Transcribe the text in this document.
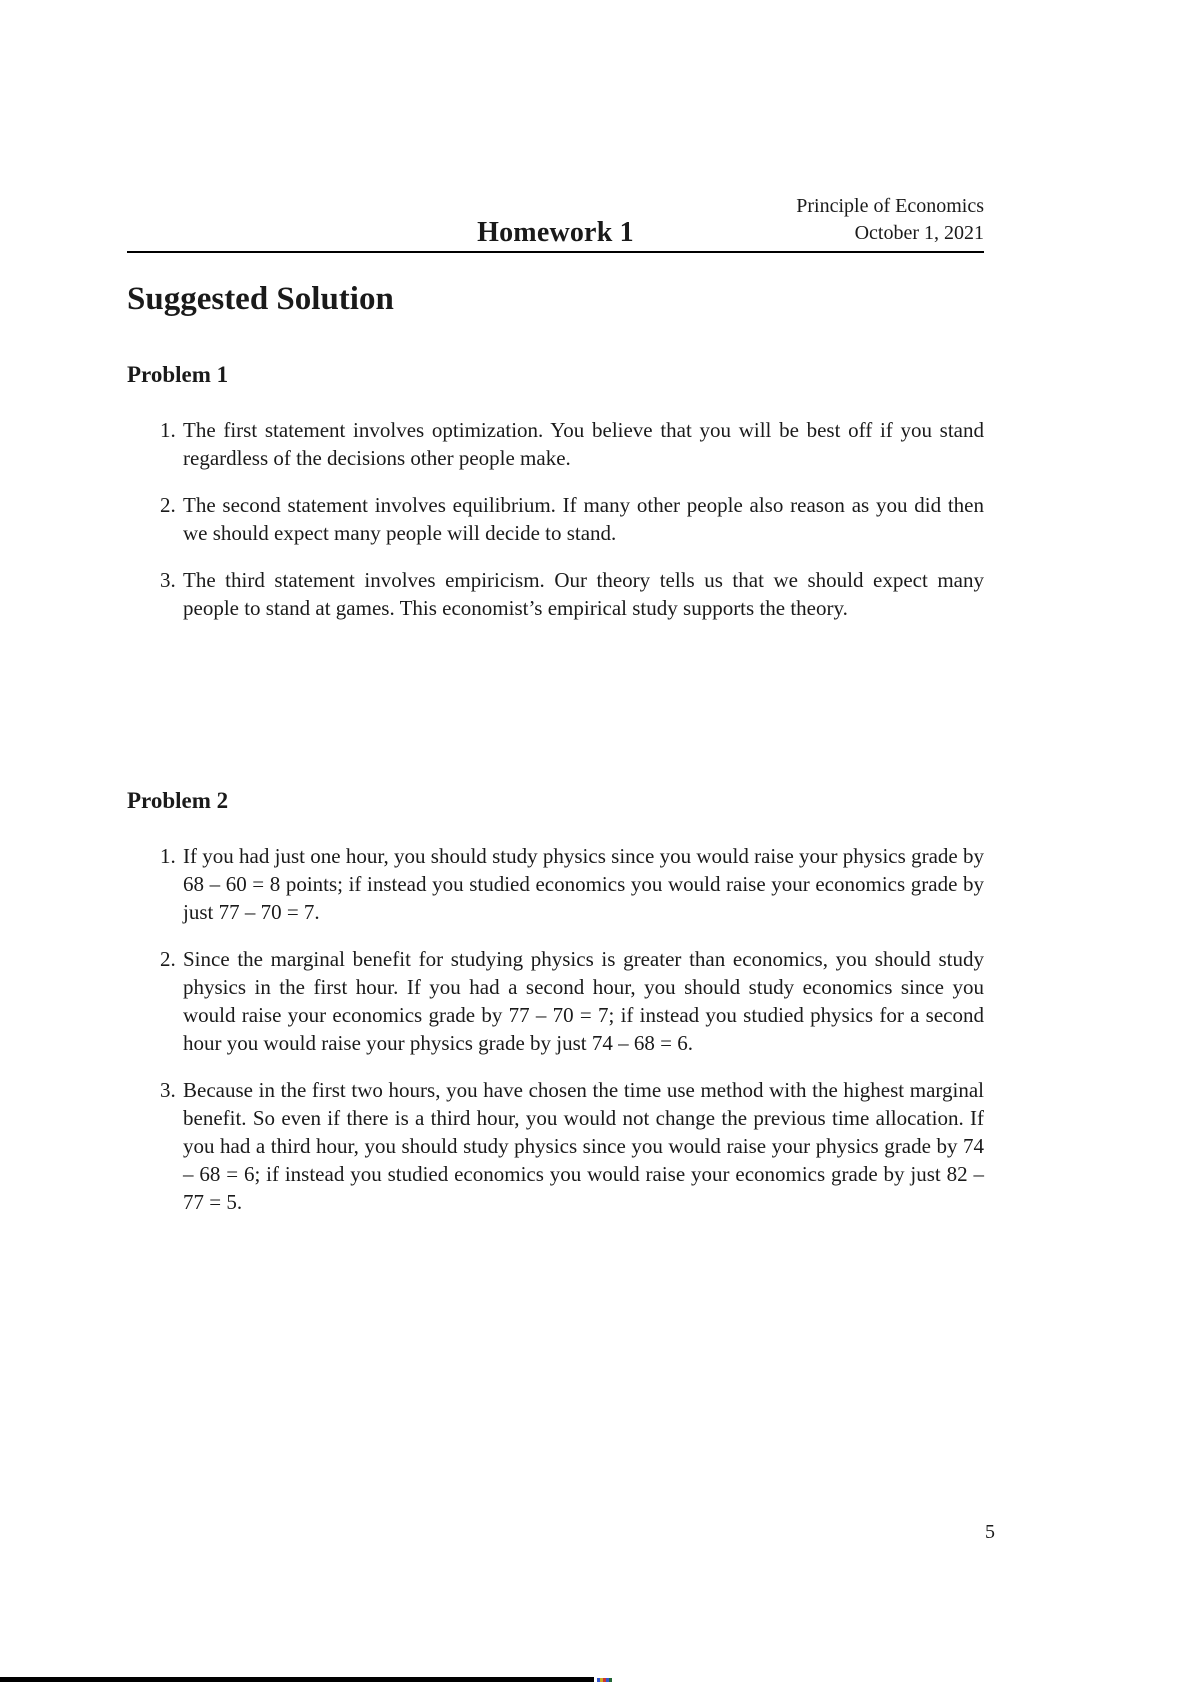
Principle of Economics
October 1, 2021
Homework 1
Suggested Solution
Problem 1
1. The first statement involves optimization. You believe that you will be best off if you stand regardless of the decisions other people make.
2. The second statement involves equilibrium. If many other people also reason as you did then we should expect many people will decide to stand.
3. The third statement involves empiricism. Our theory tells us that we should expect many people to stand at games. This economist’s empirical study supports the theory.
Problem 2
1. If you had just one hour, you should study physics since you would raise your physics grade by 68 – 60 = 8 points; if instead you studied economics you would raise your economics grade by just 77 – 70 = 7.
2. Since the marginal benefit for studying physics is greater than economics, you should study physics in the first hour. If you had a second hour, you should study economics since you would raise your economics grade by 77 – 70 = 7; if instead you studied physics for a second hour you would raise your physics grade by just 74 – 68 = 6.
3. Because in the first two hours, you have chosen the time use method with the highest marginal benefit. So even if there is a third hour, you would not change the previous time allocation. If you had a third hour, you should study physics since you would raise your physics grade by 74 – 68 = 6; if instead you studied economics you would raise your economics grade by just 82 – 77 = 5.
5
